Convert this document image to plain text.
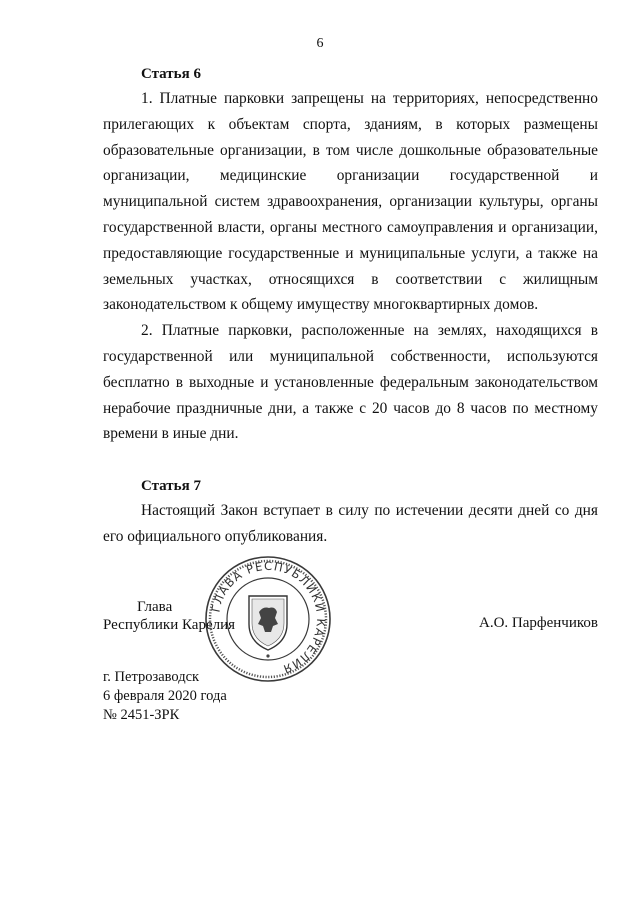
6
Статья 6

1. Платные парковки запрещены на территориях, непосредственно прилегающих к объектам спорта, зданиям, в которых размещены образовательные организации, в том числе дошкольные образовательные организации, медицинские организации государственной и муниципальной систем здравоохранения, организации культуры, органы государственной власти, органы местного самоуправления и организации, предоставляющие государственные и муниципальные услуги, а также на земельных участках, относящихся в соответствии с жилищным законодательством к общему имуществу многоквартирных домов.

2. Платные парковки, расположенные на землях, находящихся в государственной или муниципальной собственности, используются бесплатно в выходные и установленные федеральным законодательством нерабочие праздничные дни, а также с 20 часов до 8 часов по местному времени в иные дни.

Статья 7

Настоящий Закон вступает в силу по истечении десяти дней со дня его официального опубликования.

ГЛАВА РЕСПУБЛИКИ КАРЕЛИЯ
Глава
Республики Карелия	А.О. Парфенчиков
г. Петрозаводск
6 февраля 2020 года
№ 2451-ЗРК
